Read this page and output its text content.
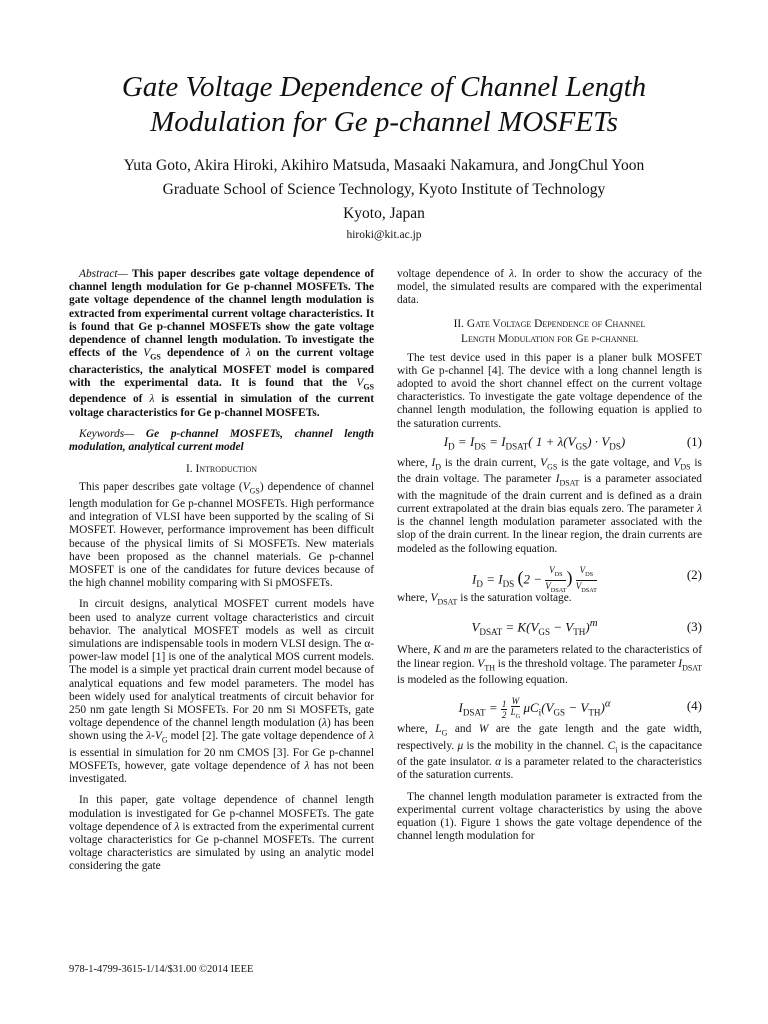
Gate Voltage Dependence of Channel Length
Modulation for Ge p-channel MOSFETs
Yuta Goto, Akira Hiroki, Akihiro Matsuda, Masaaki Nakamura, and JongChul Yoon
Graduate School of Science Technology, Kyoto Institute of Technology
Kyoto, Japan
hiroki@kit.ac.jp

Abstract— This paper describes gate voltage dependence of channel length modulation for Ge p-channel MOSFETs. The gate voltage dependence of the channel length modulation is extracted from experimental current voltage characteristics. It is found that Ge p-channel MOSFETs show the gate voltage dependence of channel length modulation. To investigate the effects of the $V_{GS}$ dependence of λ on the current voltage characteristics, the analytical MOSFET model is compared with the experimental data. It is found that the $V_{GS}$ dependence of λ is essential in simulation of the current voltage characteristics for Ge p-channel MOSFETs.

Keywords— Ge p-channel MOSFETs, channel length modulation, analytical current model

I. Introduction

This paper describes gate voltage $(V_{GS})$ dependence of channel length modulation for Ge p-channel MOSFETs. High performance and integration of VLSI have been supported by the scaling of Si MOSFET. However, performance improvement has been difficult because of the physical limits of Si MOSFETs. New materials have been proposed as the channel materials. Ge p-channel MOSFET is one of the candidates for future devices because of the high channel mobility comparing with Si pMOSFETs.

In circuit designs, analytical MOSFET current models have been used to analyze current voltage characteristics and circuit behavior. The analytical MOSFET models as well as circuit simulations are indispensable tools in modern VLSI design. The α-power-law model [1] is one of the analytical MOS current models. The model is a simple yet practical drain current model because of analytical equations and few model parameters. The model has been widely used for analytical treatments of circuit behavior for 250 nm gate length Si MOSFETs. For 20 nm Si MOSFETs, gate voltage dependence of the channel length modulation (λ) has been shown using the $\lambda-V_G$ model [2]. The gate voltage dependence of λ is essential in simulation for 20 nm CMOS [3]. For Ge p-channel MOSFETs, however, gate voltage dependence of λ has not been investigated.

In this paper, gate voltage dependence of channel length modulation is investigated for Ge p-channel MOSFETs. The gate voltage dependence of λ is extracted from the experimental current voltage characteristics for Ge p-channel MOSFETs. The current voltage characteristics are simulated by using an analytic model considering the gate

voltage dependence of λ. In order to show the accuracy of the model, the simulated results are compared with the experimental data.

II. Gate Voltage Dependence of Channel
Length Modulation for Ge p-channel

The test device used in this paper is a planer bulk MOSFET with Ge p-channel [4]. The device with a long channel length is adopted to avoid the short channel effect on the current voltage characteristics. To investigate the gate voltage dependence of the channel length modulation, the following equation is applied to the saturation currents.

$I_D = I_{DS} = I_{DSAT}$( $1 + \lambda(V_{GS}) \cdot V_{DS}$)	(1)

where, $I_D$ is the drain current, $V_{GS}$ is the gate voltage, and $V_{DS}$ is the drain voltage. The parameter $I_{DSAT}$ is a parameter associated with the magnitude of the drain current and is defined as a drain current extrapolated at the drain bias equals zero. The parameter λ is the channel length modulation parameter associated with the slop of the drain current. In the linear region, the drain currents are modeled as the following equation.

$I_D = I_{DS}$ ($2 - \frac{V_{DS}}{V_{DSAT}}$ ) $\frac{V_{DS}}{V_{DSAT}}$	(2)

where, $V_{DSAT}$ is the saturation voltage.

$V_{DSAT} = K(V_{GS} - V_{TH})^m$	(3)

Where, K and m are the parameters related to the characteristics of the linear region. $V_{TH}$ is the threshold voltage. The parameter $I_{DSAT}$ is modeled as the following equation.

$I_{DSAT} = \frac{1}{2}$
$\frac{W}{L_G} \mu C_i(V_{GS} - V_{TH})^\alpha$	(4)

where, $L_G$ and W are the gate length and the gate width, respectively. μ is the mobility in the channel. $C_i$ is the capacitance of the gate insulator. α is a parameter related to the characteristics of the saturation currents.

The channel length modulation parameter is extracted from the experimental current voltage characteristics by using the above equation (1). Figure 1 shows the gate voltage dependence of the channel length modulation for

978-1-4799-3615-1/14/$31.00 ©2014 IEEE
